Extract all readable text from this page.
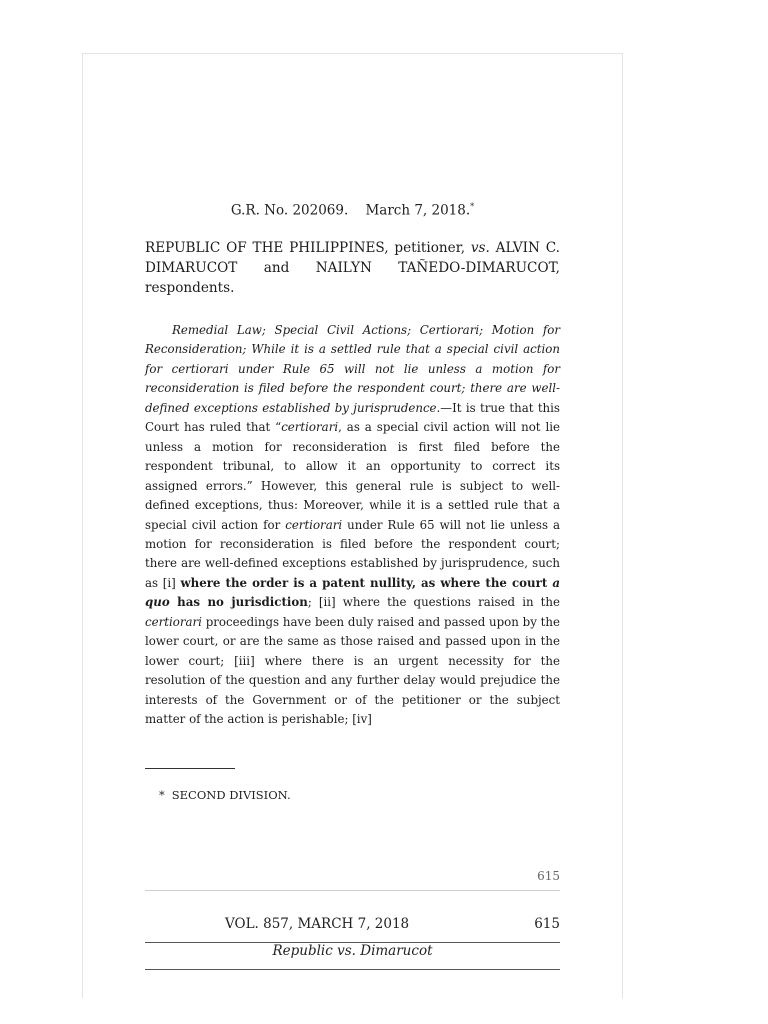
G.R. No. 202069. March 7, 2018.*
REPUBLIC OF THE PHILIPPINES, petitioner, vs. ALVIN C. DIMARUCOT and NAILYN TAÑEDO-DIMARUCOT, respondents.

Remedial Law; Special Civil Actions; Certiorari; Motion for Reconsideration; While it is a settled rule that a special civil action for certiorari under Rule 65 will not lie unless a motion for reconsideration is filed before the respondent court; there are well-defined exceptions established by jurisprudence.—It is true that this Court has ruled that “certiorari, as a special civil action will not lie unless a motion for reconsideration is first filed before the respondent tribunal, to allow it an opportunity to correct its assigned errors.” However, this general rule is subject to well-defined exceptions, thus: Moreover, while it is a settled rule that a special civil action for certiorari under Rule 65 will not lie unless a motion for reconsideration is filed before the respondent court; there are well-defined exceptions established by jurisprudence, such as [i] where the order is a patent nullity, as where the court a quo has no jurisdiction; [ii] where the questions raised in the certiorari proceedings have been duly raised and passed upon by the lower court, or are the same as those raised and passed upon in the lower court; [iii] where there is an urgent necessity for the resolution of the question and any further delay would prejudice the interests of the Government or of the petitioner or the subject matter of the action is perishable; [iv]

* SECOND DIVISION.
615
VOL. 857, MARCH 7, 2018	615
Republic vs. Dimarucot
